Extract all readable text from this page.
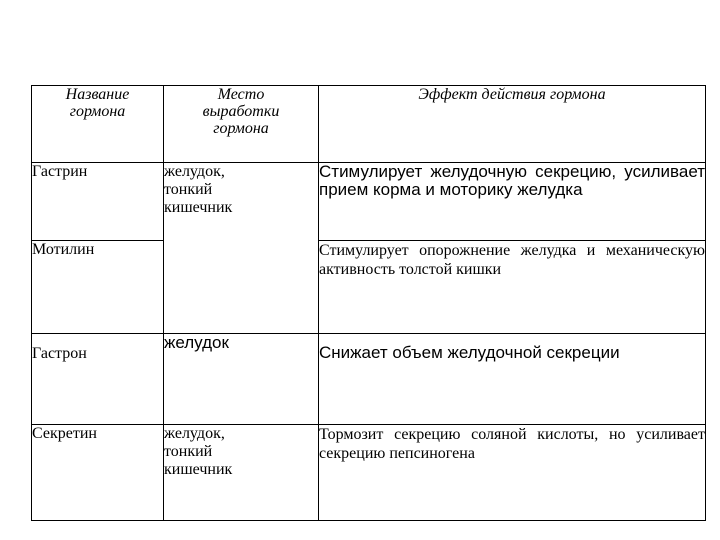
Название
гормона	Место
выработки
гормона	Эффект действия гормона
Гастрин	желудок,
тонкий
кишечник	Стимулирует желудочную секрецию, усиливает прием корма и моторику желудка
Мотилин		Стимулирует опорожнение желудка и механическую активность толстой кишки
Гастрон	желудок	Снижает объем желудочной секреции
Секретин	желудок,
тонкий
кишечник	Тормозит секрецию соляной кислоты, но усиливает секрецию пепсиногена
